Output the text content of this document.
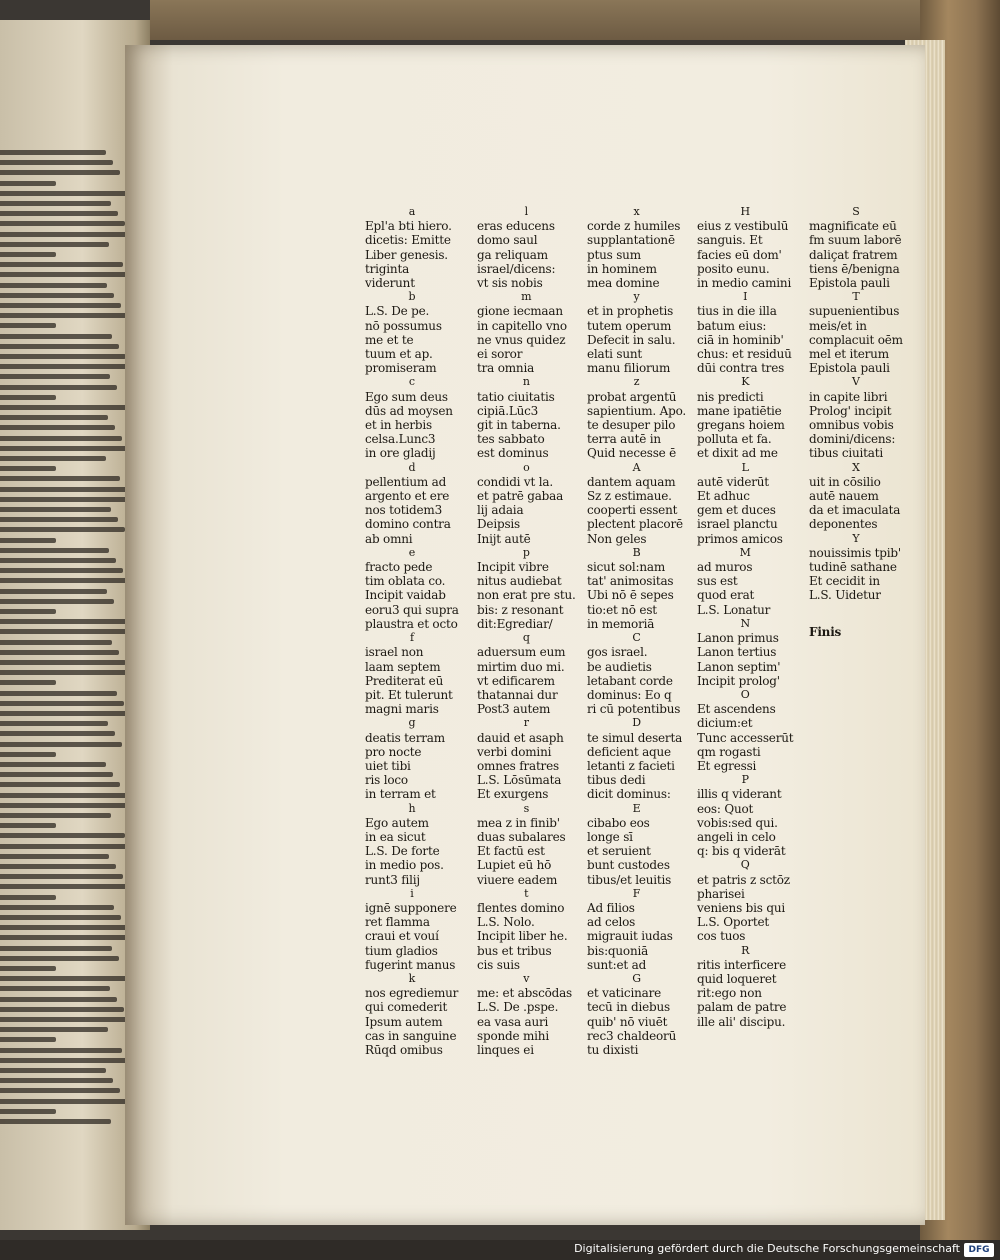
a
Epl'a bti hiero.
dicetis: Emitte
Liber genesis.
triginta
viderunt
b
L.S. De pe.
nō possumus
me et te
tuum et ap.
promiseram
c
Ego sum deus
dūs ad moysen
et in herbis
celsa.Lunc3
in ore gladij
d
pellentium ad
argento et ere
nos totidem3
domino contra
ab omni
e
fracto pede
tim oblata co.
Incipit vaidab
eoru3 qui supra
plaustra et octo
f
israel non
laam septem
Prediterat eū
pit. Et tulerunt
magni maris
g
deatis terram
pro nocte
uiet tibi
ris loco
in terram et
h
Ego autem
in ea sicut
L.S. De forte
in medio pos.
runt3 filij
i
ignē supponere
ret flamma
craui et vouí
tium gladios
fugerint manus
k
nos egrediemur
qui comederit
Ipsum autem
cas in sanguine
Rūqd omibus
l
eras educens
domo saul
ga reliquam
israel/dicens:
vt sis nobis
m
gione iecmaan
in capitello vno
ne vnus quidez
ei soror
tra omnia
n
tatio ciuitatis
cipiā.Lūc3
git in taberna.
tes sabbato
est dominus
o
condidi vt la.
et patrē gabaa
lij adaia
Deipsis
Inijt autē
p
Incipit vibre
nitus audiebat
non erat pre stu.
bis: z resonant
dit:Egrediar/
q
aduersum eum
mirtim duo mi.
vt edificarem
thatannai dur
Post3 autem
r
dauid et asaph
verbi domini
omnes fratres
L.S. Lōsūmata
Et exurgens
s
mea z in finib'
duas subalares
Et factū est
Lupiet eū hō
viuere eadem
t
flentes domino
L.S. Nolo.
Incipit liber he.
bus et tribus
cis suis
v
me: et abscōdas
L.S. De .pspe.
ea vasa auri
sponde mihi
linques ei
x
corde z humiles
supplantationē
ptus sum
in hominem
mea domine
y
et in prophetis
tutem operum
Defecit in salu.
elati sunt
manu filiorum
z
probat argentū
sapientium. Apo.
te desuper pilo
terra autē in
Quid necesse ē
A
dantem aquam
Sz z estimaue.
cooperti essent
plectent placorē
Non geles
B
sicut sol:nam
tat' animositas
Ubi nō ē sepes
tio:et nō est
in memoriā
C
gos israel.
be audietis
letabant corde
dominus: Eo q
ri cū potentibus
D
te simul deserta
deficient aque
letanti z facieti
tibus dedi
dicit dominus:
E
cibabo eos
longe sī
et seruient
bunt custodes
tibus/et leuitis
F
Ad filios
ad celos
migrauit iudas
bis:quoniā
sunt:et ad
G
et vaticinare
tecū in diebus
quib' nō viuēt
rec3 chaldeorū
tu dixisti
H
eius z vestibulū
sanguis. Et
facies eū dom'
posito eunu.
in medio camini
I
tius in die illa
batum eius:
ciā in hominib'
chus: et residuū
dūi contra tres
K
nis predicti
mane ipatiētie
gregans hoiem
polluta et fa.
et dixit ad me
L
autē viderūt
Et adhuc
gem et duces
israel planctu
primos amicos
M
ad muros
sus est
quod erat
L.S. Lonatur
N
Lanon primus
Lanon tertius
Lanon septim'
Incipit prolog'
O
Et ascendens
dicium:et
Tunc accesserūt
qm rogasti
Et egressi
P
illis q viderant
eos: Quot
vobis:sed qui.
angeli in celo
q: bis q viderāt
Q
et patris z sctōz
pharisei
veniens bis qui
L.S. Oportet
cos tuos
R
ritis interficere
quid loqueret
rit:ego non
palam de patre
ille ali' discipu.
S
magnificate eū
fm suum laborē
daliçat fratrem
tiens ē/benigna
Epistola pauli
T
supuenientibus
meis/et in
complacuit oēm
mel et iterum
Epistola pauli
V
in capite libri
Prolog' incipit
omnibus vobis
domini/dicens:
tibus ciuitati
X
uit in cōsilio
autē nauem
da et imaculata
deponentes
Y
nouissimis tpib'
tudinē sathane
Et cecidit in
L.S. Uidetur
Finis
Digitalisierung gefördert durch die Deutsche Forschungsgemeinschaft DFG
